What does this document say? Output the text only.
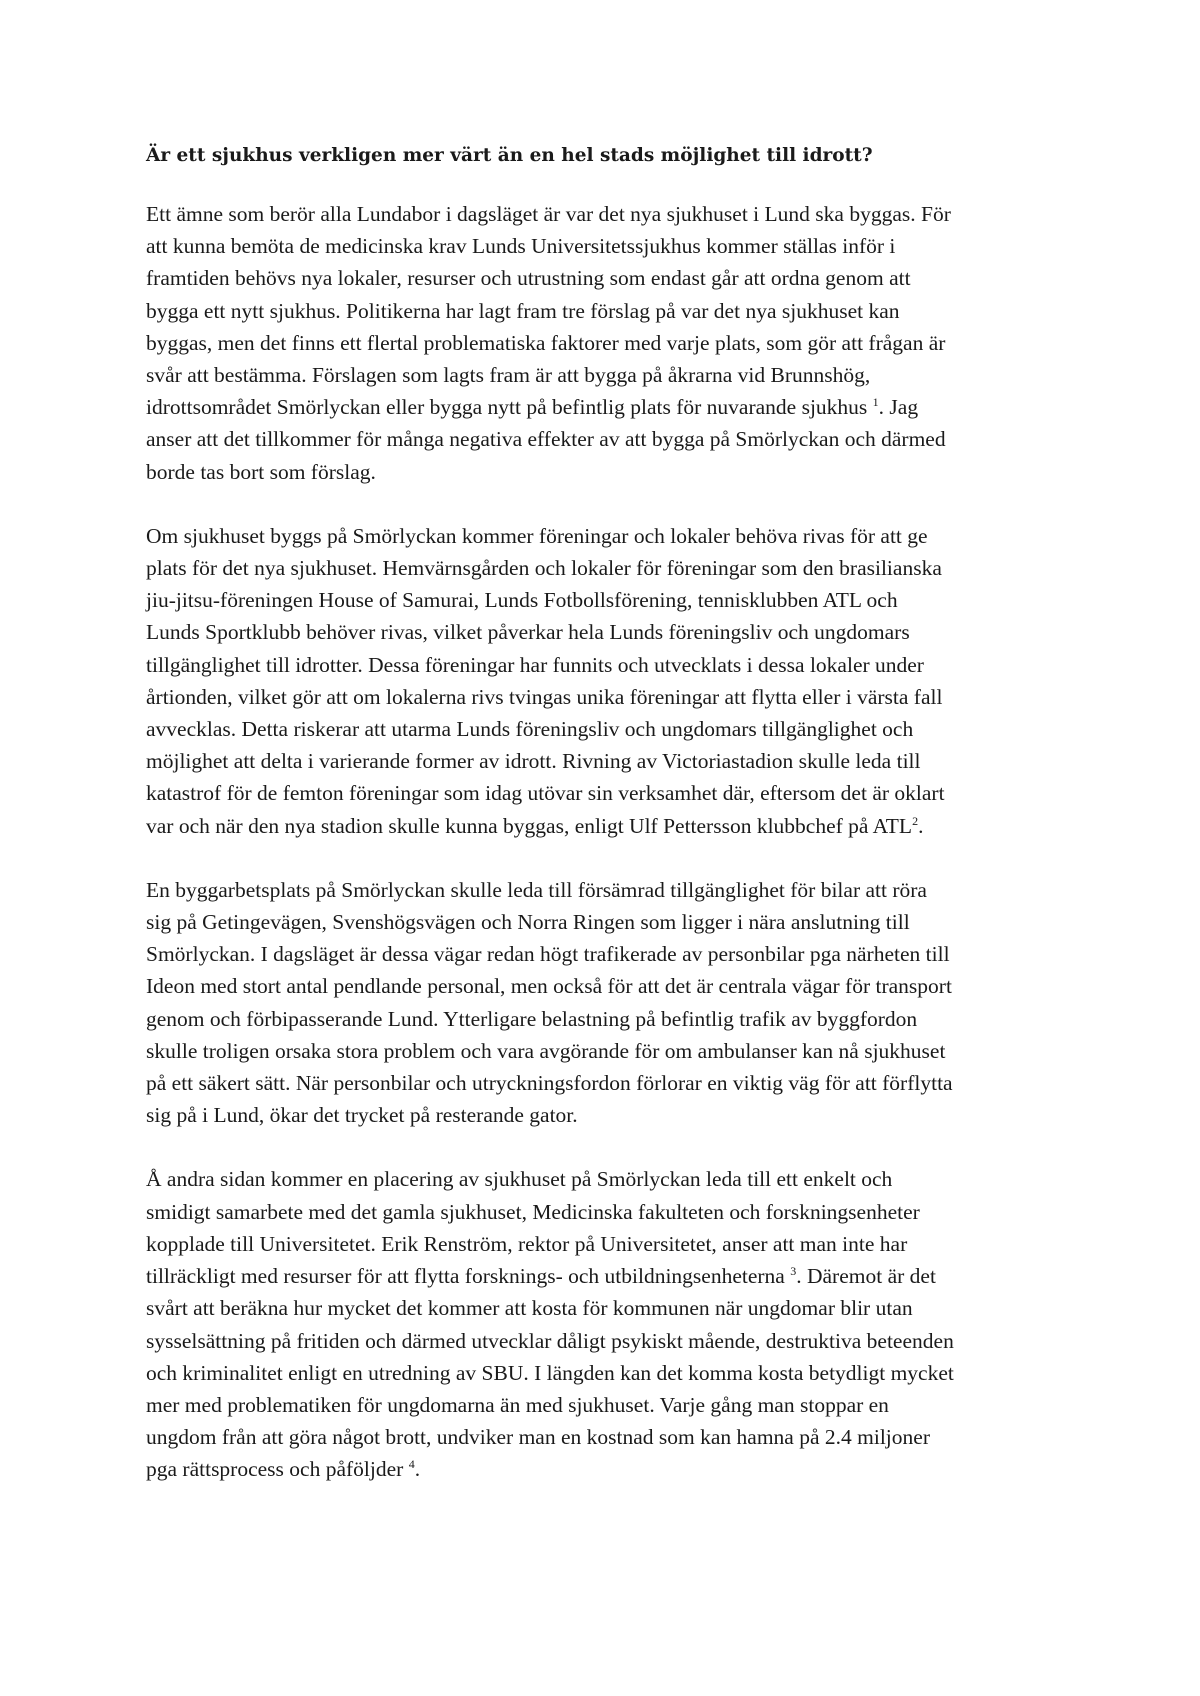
Är ett sjukhus verkligen mer värt än en hel stads möjlighet till idrott?
Ett ämne som berör alla Lundabor i dagsläget är var det nya sjukhuset i Lund ska byggas. För
att kunna bemöta de medicinska krav Lunds Universitetssjukhus kommer ställas inför i
framtiden behövs nya lokaler, resurser och utrustning som endast går att ordna genom att
bygga ett nytt sjukhus. Politikerna har lagt fram tre förslag på var det nya sjukhuset kan
byggas, men det finns ett flertal problematiska faktorer med varje plats, som gör att frågan är
svår att bestämma. Förslagen som lagts fram är att bygga på åkrarna vid Brunnshög,
idrottsområdet Smörlyckan eller bygga nytt på befintlig plats för nuvarande sjukhus $^1$. Jag
anser att det tillkommer för många negativa effekter av att bygga på Smörlyckan och därmed
borde tas bort som förslag.
Om sjukhuset byggs på Smörlyckan kommer föreningar och lokaler behöva rivas för att ge
plats för det nya sjukhuset. Hemvärnsgården och lokaler för föreningar som den brasilianska
jiu-jitsu-föreningen House of Samurai, Lunds Fotbollsförening, tennisklubben ATL och
Lunds Sportklubb behöver rivas, vilket påverkar hela Lunds föreningsliv och ungdomars
tillgänglighet till idrotter. Dessa föreningar har funnits och utvecklats i dessa lokaler under
årtionden, vilket gör att om lokalerna rivs tvingas unika föreningar att flytta eller i värsta fall
avvecklas. Detta riskerar att utarma Lunds föreningsliv och ungdomars tillgänglighet och
möjlighet att delta i varierande former av idrott. Rivning av Victoriastadion skulle leda till
katastrof för de femton föreningar som idag utövar sin verksamhet där, eftersom det är oklart
var och när den nya stadion skulle kunna byggas, enligt Ulf Pettersson klubbchef på ATL$^2$.
En byggarbetsplats på Smörlyckan skulle leda till försämrad tillgänglighet för bilar att röra
sig på Getingevägen, Svenshögsvägen och Norra Ringen som ligger i nära anslutning till
Smörlyckan. I dagsläget är dessa vägar redan högt trafikerade av personbilar pga närheten till
Ideon med stort antal pendlande personal, men också för att det är centrala vägar för transport
genom och förbipasserande Lund. Ytterligare belastning på befintlig trafik av byggfordon
skulle troligen orsaka stora problem och vara avgörande för om ambulanser kan nå sjukhuset
på ett säkert sätt. När personbilar och utryckningsfordon förlorar en viktig väg för att förflytta
sig på i Lund, ökar det trycket på resterande gator.
Å andra sidan kommer en placering av sjukhuset på Smörlyckan leda till ett enkelt och
smidigt samarbete med det gamla sjukhuset, Medicinska fakulteten och forskningsenheter
kopplade till Universitetet. Erik Renström, rektor på Universitetet, anser att man inte har
tillräckligt med resurser för att flytta forsknings- och utbildningsenheterna $^3$. Däremot är det
svårt att beräkna hur mycket det kommer att kosta för kommunen när ungdomar blir utan
sysselsättning på fritiden och därmed utvecklar dåligt psykiskt mående, destruktiva beteenden
och kriminalitet enligt en utredning av SBU. I längden kan det komma kosta betydligt mycket
mer med problematiken för ungdomarna än med sjukhuset. Varje gång man stoppar en
ungdom från att göra något brott, undviker man en kostnad som kan hamna på 2.4 miljoner
pga rättsprocess och påföljder $^4$.
